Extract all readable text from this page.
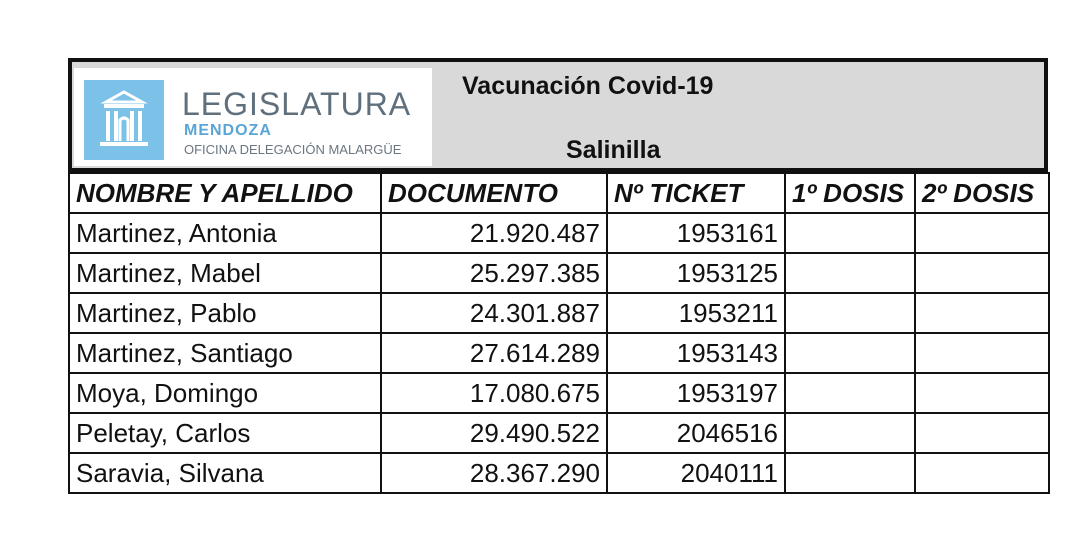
LEGISLATURA
MENDOZA
OFICINA DELEGACIÓN MALARGÜE
Vacunación Covid-19
Salinilla
NOMBRE Y APELLIDO	DOCUMENTO	Nº TICKET	1º DOSIS	2º DOSIS
Martinez, Antonia	21.920.487	1953161		
Martinez, Mabel	25.297.385	1953125		
Martinez, Pablo	24.301.887	1953211		
Martinez, Santiago	27.614.289	1953143		
Moya, Domingo	17.080.675	1953197		
Peletay, Carlos	29.490.522	2046516		
Saravia, Silvana	28.367.290	2040111		
